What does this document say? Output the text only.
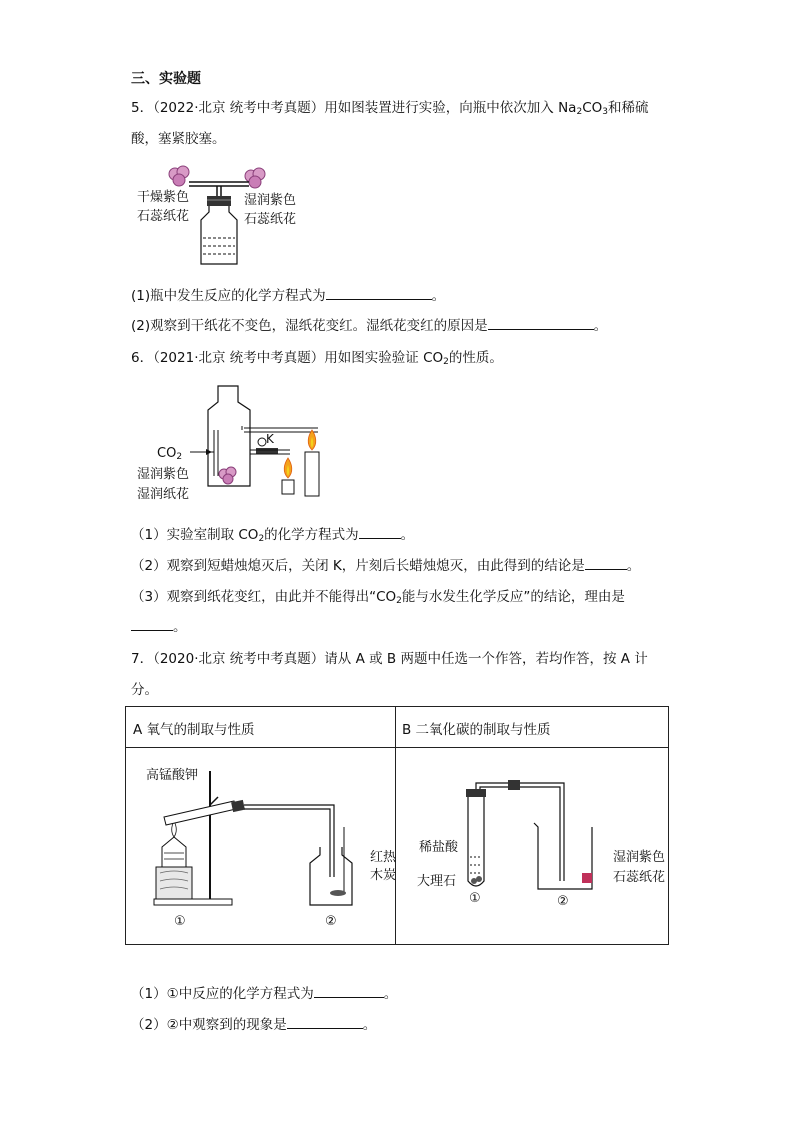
三、实验题
5．（2022·北京 统考中考真题）用如图装置进行实验，向瓶中依次加入 $Na_2CO_3$和稀硫
酸，塞紧胶塞。
干燥紫色
石蕊纸花
湿润紫色
石蕊纸花
(1)瓶中发生反应的化学方程式为	。
(2)观察到干纸花不变色，湿纸花变红。湿纸花变红的原因是	。
6．（2021·北京 统考中考真题）用如图实验验证 $CO_2$的性质。
$CO_2$
K
湿润紫色
湿润纸花
（1）实验室制取 $CO_2$的化学方程式为	。
（2）观察到短蜡烛熄灭后，关闭 K，片刻后长蜡烛熄灭，由此得到的结论是	。
（3）观察到纸花变红，由此并不能得出“$CO_2$能与水发生化学反应”的结论，理由是
。
7．（2020·北京 统考中考真题）请从 A 或 B 两题中任选一个作答，若均作答，按 A 计
分。
A 氧气的制取与性质	B 二氧化碳的制取与性质
高锰酸钾
红热
木炭
①	②
稀盐酸
大理石
湿润紫色
石蕊纸花
①	②
（1）①中反应的化学方程式为	。
（2）②中观察到的现象是	。
